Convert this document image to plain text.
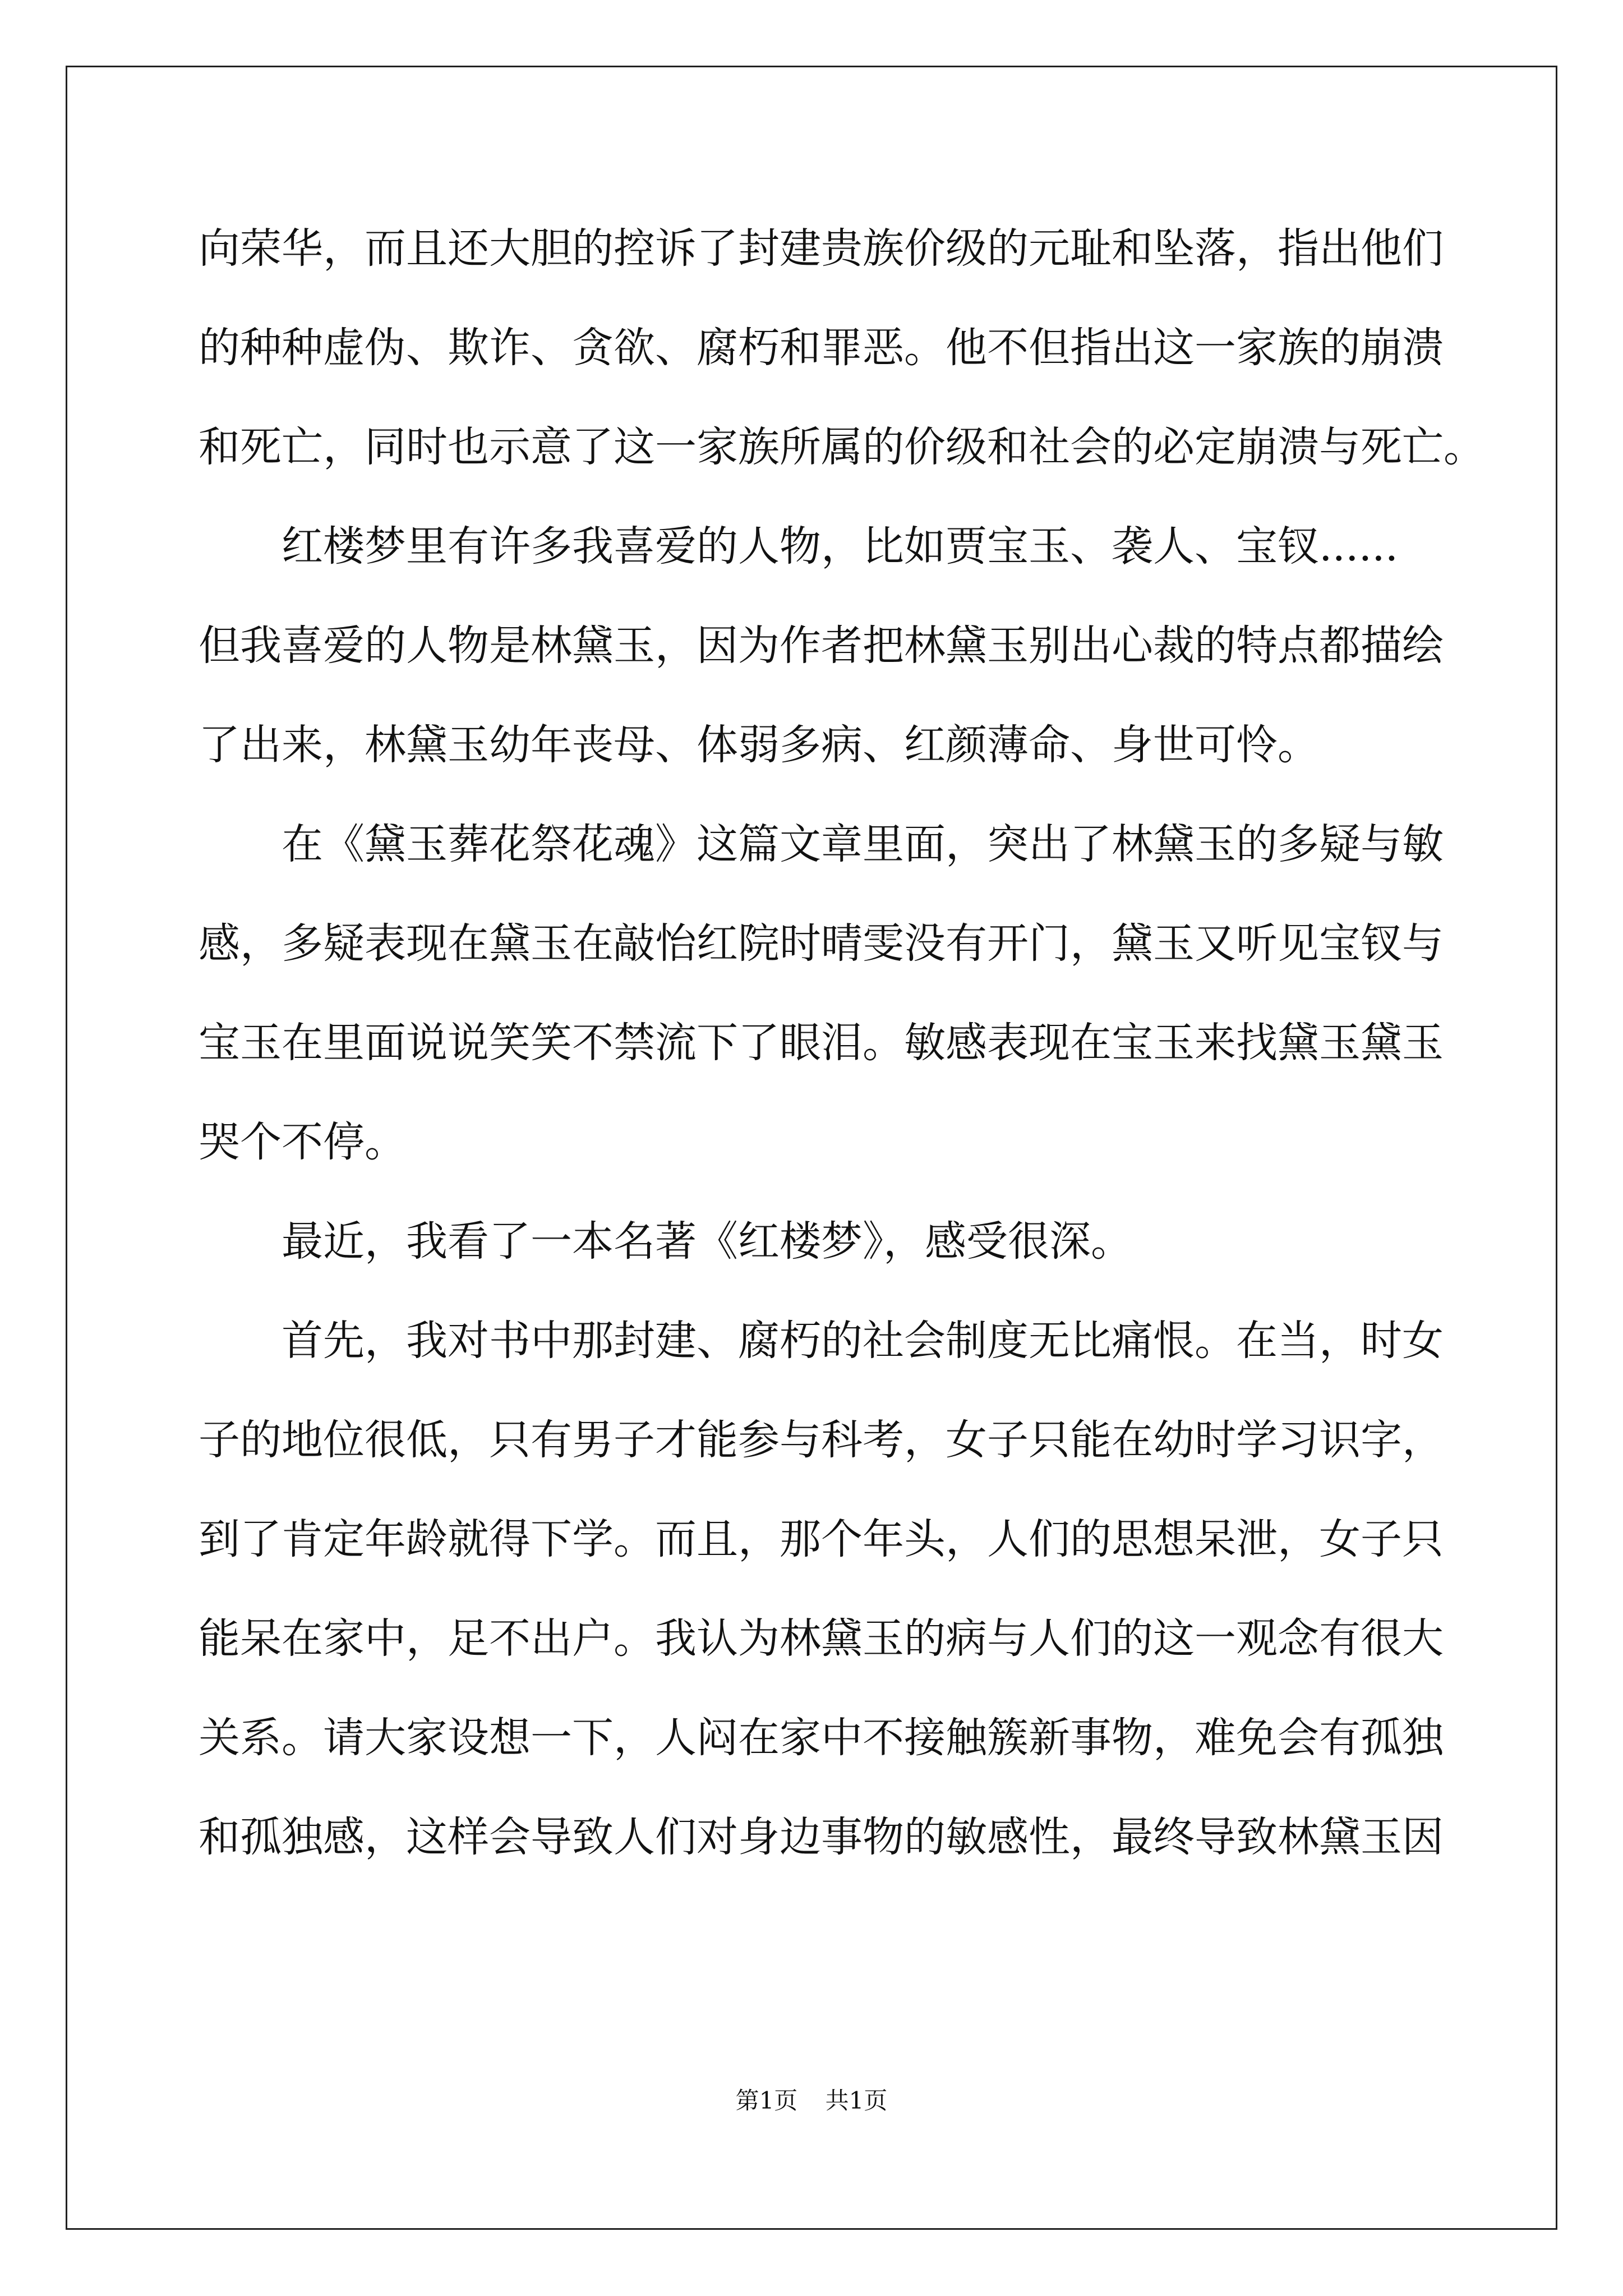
向荣华，而且还大胆的控诉了封建贵族价级的元耻和坠落，指出他们
的种种虚伪、欺诈、贪欲、腐朽和罪恶。他不但指出这一家族的崩溃
和死亡，同时也示意了这一家族所属的价级和社会的必定崩溃与死亡。
红楼梦里有许多我喜爱的人物，比如贾宝玉、袭人、宝钗......
但我喜爱的人物是林黛玉，因为作者把林黛玉别出心裁的特点都描绘
了出来，林黛玉幼年丧母、体弱多病、红颜薄命、身世可怜。
在《黛玉葬花祭花魂》这篇文章里面，突出了林黛玉的多疑与敏
感，多疑表现在黛玉在敲怡红院时晴雯没有开门，黛玉又听见宝钗与
宝玉在里面说说笑笑不禁流下了眼泪。敏感表现在宝玉来找黛玉黛玉
哭个不停。
最近，我看了一本名著《红楼梦》，感受很深。
首先，我对书中那封建、腐朽的社会制度无比痛恨。在当，时女
子的地位很低，只有男子才能参与科考，女子只能在幼时学习识字，
到了肯定年龄就得下学。而且，那个年头，人们的思想呆泄，女子只
能呆在家中，足不出户。我认为林黛玉的病与人们的这一观念有很大
关系。请大家设想一下，人闷在家中不接触簇新事物，难免会有孤独
和孤独感，这样会导致人们对身边事物的敏感性，最终导致林黛玉因
第1页 共1页
